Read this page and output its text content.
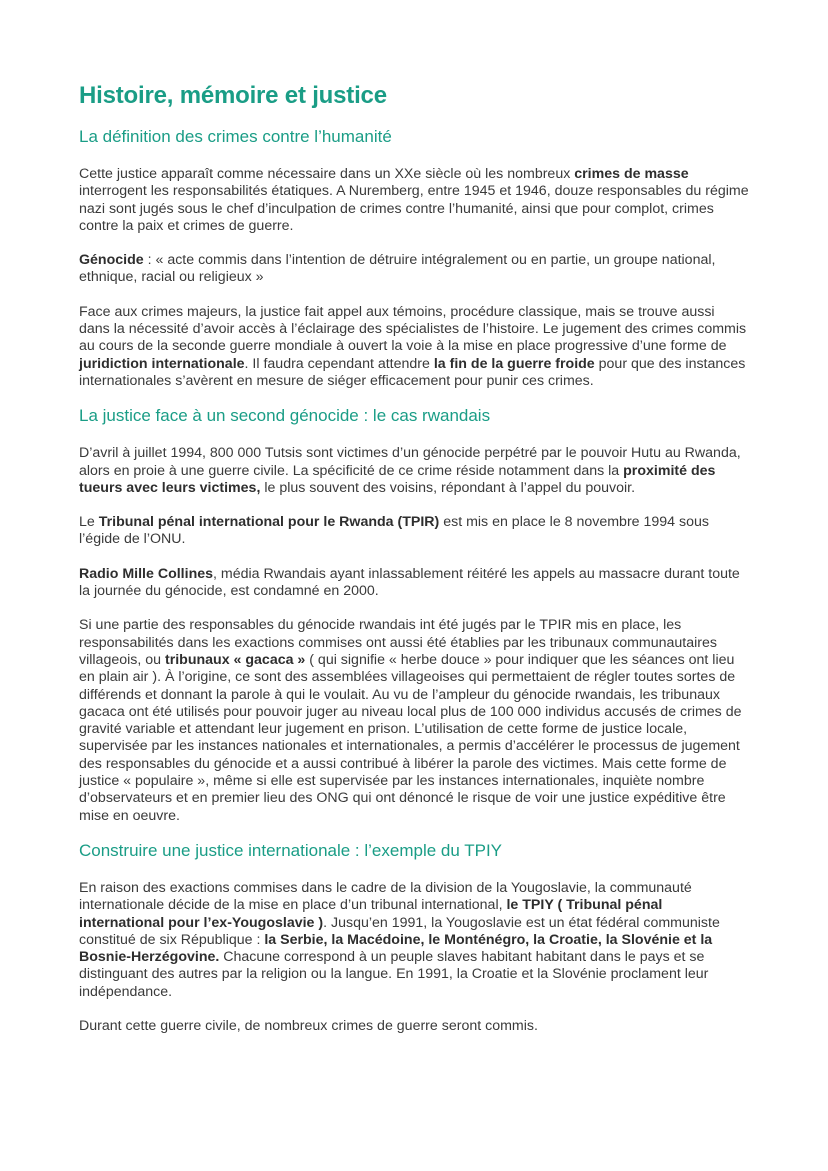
Histoire, mémoire et justice
La définition des crimes contre l’humanité

Cette justice apparaît comme nécessaire dans un XXe siècle où les nombreux crimes de masse interrogent les responsabilités étatiques. A Nuremberg, entre 1945 et 1946, douze responsables du régime nazi sont jugés sous le chef d’inculpation de crimes contre l’humanité, ainsi que pour complot, crimes contre la paix et crimes de guerre.

Génocide : « acte commis dans l’intention de détruire intégralement ou en partie, un groupe national, ethnique, racial ou religieux »

Face aux crimes majeurs, la justice fait appel aux témoins, procédure classique, mais se trouve aussi dans la nécessité d’avoir accès à l’éclairage des spécialistes de l’histoire. Le jugement des crimes commis au cours de la seconde guerre mondiale à ouvert la voie à la mise en place progressive d’une forme de juridiction internationale. Il faudra cependant attendre la fin de la guerre froide pour que des instances internationales s’avèrent en mesure de siéger efficacement pour punir ces crimes.

La justice face à un second génocide : le cas rwandais

D’avril à juillet 1994, 800 000 Tutsis sont victimes d’un génocide perpétré par le pouvoir Hutu au Rwanda, alors en proie à une guerre civile. La spécificité de ce crime réside notamment dans la proximité des tueurs avec leurs victimes, le plus souvent des voisins, répondant à l’appel du pouvoir.

Le Tribunal pénal international pour le Rwanda (TPIR) est mis en place le 8 novembre 1994 sous l’égide de l’ONU.

Radio Mille Collines, média Rwandais ayant inlassablement réitéré les appels au massacre durant toute la journée du génocide, est condamné en 2000.

Si une partie des responsables du génocide rwandais int été jugés par le TPIR mis en place, les responsabilités dans les exactions commises ont aussi été établies par les tribunaux communautaires villageois, ou tribunaux « gacaca » ( qui signifie « herbe douce » pour indiquer que les séances ont lieu en plain air ). À l’origine, ce sont des assemblées villageoises qui permettaient de régler toutes sortes de différends et donnant la parole à qui le voulait. Au vu de l’ampleur du génocide rwandais, les tribunaux gacaca ont été utilisés pour pouvoir juger au niveau local plus de 100 000 individus accusés de crimes de gravité variable et attendant leur jugement en prison. L’utilisation de cette forme de justice locale, supervisée par les instances nationales et internationales, a permis d’accélérer le processus de jugement des responsables du génocide et a aussi contribué à libérer la parole des victimes. Mais cette forme de justice « populaire », même si elle est supervisée par les instances internationales, inquiète nombre d’observateurs et en premier lieu des ONG qui ont dénoncé le risque de voir une justice expéditive être mise en oeuvre.

Construire une justice internationale : l’exemple du TPIY

En raison des exactions commises dans le cadre de la division de la Yougoslavie, la communauté internationale décide de la mise en place d’un tribunal international, le TPIY ( Tribunal pénal international pour l’ex-Yougoslavie ). Jusqu’en 1991, la Yougoslavie est un état fédéral communiste constitué de six République : la Serbie, la Macédoine, le Monténégro, la Croatie, la Slovénie et la Bosnie-Herzégovine. Chacune correspond à un peuple slaves habitant habitant dans le pays et se distinguant des autres par la religion ou la langue. En 1991, la Croatie et la Slovénie proclament leur indépendance.

Durant cette guerre civile, de nombreux crimes de guerre seront commis.
